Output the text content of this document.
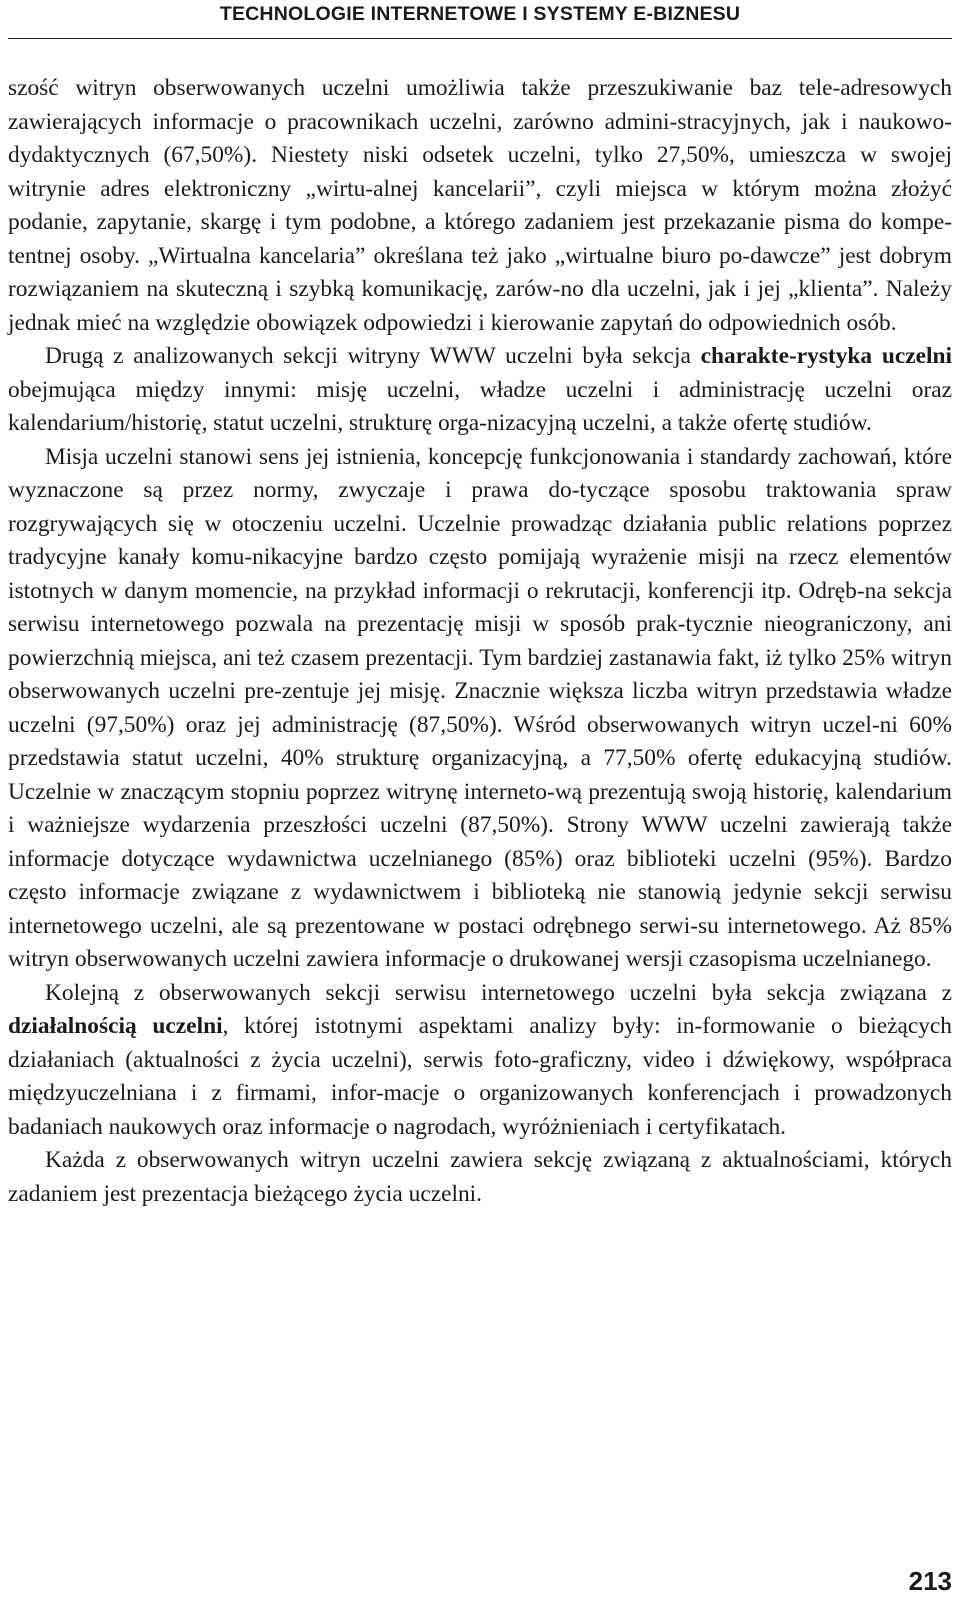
TECHNOLOGIE INTERNETOWE I SYSTEMY E-BIZNESU

szość witryn obserwowanych uczelni umożliwia także przeszukiwanie baz tele-adresowych zawierających informacje o pracownikach uczelni, zarówno admini-stracyjnych, jak i naukowo-dydaktycznych (67,50%). Niestety niski odsetek uczelni, tylko 27,50%, umieszcza w swojej witrynie adres elektroniczny „wirtu-alnej kancelarii”, czyli miejsca w którym można złożyć podanie, zapytanie, skargę i tym podobne, a którego zadaniem jest przekazanie pisma do kompe-tentnej osoby. „Wirtualna kancelaria” określana też jako „wirtualne biuro po-dawcze” jest dobrym rozwiązaniem na skuteczną i szybką komunikację, zarów-no dla uczelni, jak i jej „klienta”. Należy jednak mieć na względzie obowiązek odpowiedzi i kierowanie zapytań do odpowiednich osób.

Drugą z analizowanych sekcji witryny WWW uczelni była sekcja charakte-rystyka uczelni obejmująca między innymi: misję uczelni, władze uczelni i administrację uczelni oraz kalendarium/historię, statut uczelni, strukturę orga-nizacyjną uczelni, a także ofertę studiów.

Misja uczelni stanowi sens jej istnienia, koncepcję funkcjonowania i standardy zachowań, które wyznaczone są przez normy, zwyczaje i prawa do-tyczące sposobu traktowania spraw rozgrywających się w otoczeniu uczelni. Uczelnie prowadząc działania public relations poprzez tradycyjne kanały komu-nikacyjne bardzo często pomijają wyrażenie misji na rzecz elementów istotnych w danym momencie, na przykład informacji o rekrutacji, konferencji itp. Odręb-na sekcja serwisu internetowego pozwala na prezentację misji w sposób prak-tycznie nieograniczony, ani powierzchnią miejsca, ani też czasem prezentacji. Tym bardziej zastanawia fakt, iż tylko 25% witryn obserwowanych uczelni pre-zentuje jej misję. Znacznie większa liczba witryn przedstawia władze uczelni (97,50%) oraz jej administrację (87,50%). Wśród obserwowanych witryn uczel-ni 60% przedstawia statut uczelni, 40% strukturę organizacyjną, a 77,50% ofertę edukacyjną studiów. Uczelnie w znaczącym stopniu poprzez witrynę interneto-wą prezentują swoją historię, kalendarium i ważniejsze wydarzenia przeszłości uczelni (87,50%). Strony WWW uczelni zawierają także informacje dotyczące wydawnictwa uczelnianego (85%) oraz biblioteki uczelni (95%). Bardzo często informacje związane z wydawnictwem i biblioteką nie stanowią jedynie sekcji serwisu internetowego uczelni, ale są prezentowane w postaci odrębnego serwi-su internetowego. Aż 85% witryn obserwowanych uczelni zawiera informacje o drukowanej wersji czasopisma uczelnianego.

Kolejną z obserwowanych sekcji serwisu internetowego uczelni była sekcja związana z działalnością uczelni, której istotnymi aspektami analizy były: in-formowanie o bieżących działaniach (aktualności z życia uczelni), serwis foto-graficzny, video i dźwiękowy, współpraca międzyuczelniana i z firmami, infor-macje o organizowanych konferencjach i prowadzonych badaniach naukowych oraz informacje o nagrodach, wyróżnieniach i certyfikatach.

Każda z obserwowanych witryn uczelni zawiera sekcję związaną z aktualnościami, których zadaniem jest prezentacja bieżącego życia uczelni.

213
